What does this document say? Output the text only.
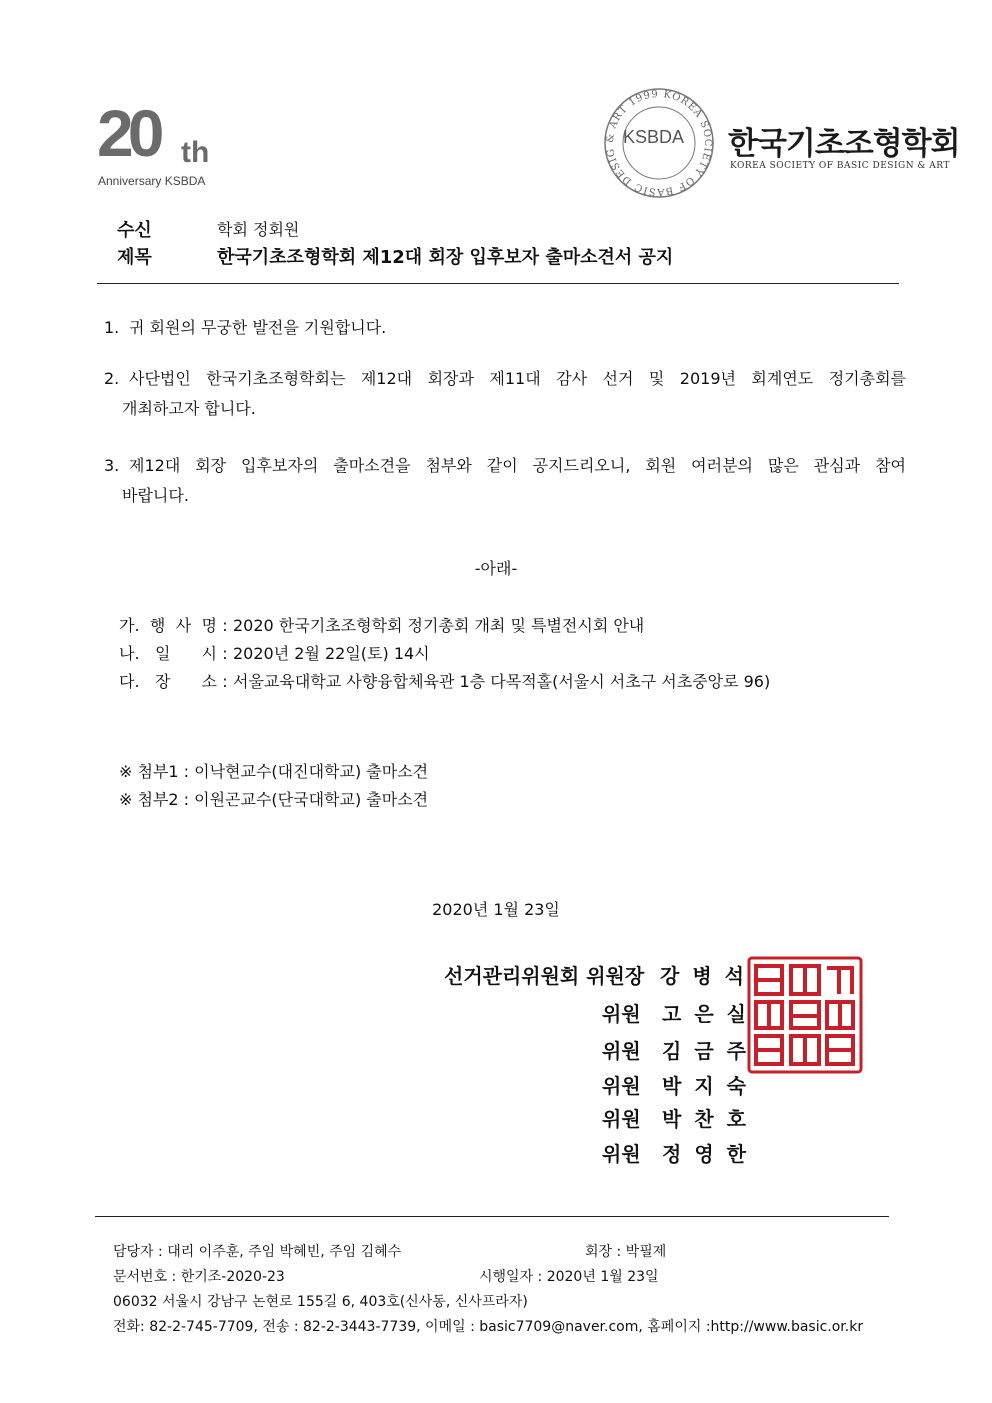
20 th
Anniversary KSBDA
& ART 1999 KOREA SOCIETY OF BASIC DESIG
KSBDA 한국기초조형학회
KOREA SOCIETY OF BASIC DESIGN & ART
수신	학회 정회원
제목	한국기초조형학회 제12대 회장 입후보자 출마소견서 공지
1. 귀 회원의 무궁한 발전을 기원합니다.
2. 사단법인 한국기초조형학회는 제12대 회장과 제11대 감사 선거 및 2019년 회계연도 정기총회를
개최하고자 합니다.
3. 제12대 회장 입후보자의 출마소견을 첨부와 같이 공지드리오니, 회원 여러분의 많은 관심과 참여
바랍니다.
-아래-
가. 행 사 명 : 2020 한국기초조형학회 정기총회 개최 및 특별전시회 안내
나. 일 시 : 2020년 2월 22일(토) 14시
다. 장 소 : 서울교육대학교 사향융합체육관 1층 다목적홀(서울시 서초구 서초중앙로 96)
※ 첨부1 : 이낙현교수(대진대학교) 출마소견
※ 첨부2 : 이원곤교수(단국대학교) 출마소견
2020년 1월 23일
선거관리위원회 위원장 강 병 석
위원	고 은 실
위원	김 금 주
위원	박 지 숙
위원	박 찬 호
위원	정 영 한
담당자 : 대리 이주훈, 주임 박혜빈, 주임 김혜수	회장 : 박필제
문서번호 : 한기조-2020-23	시행일자 : 2020년 1월 23일
06032 서울시 강남구 논현로 155길 6, 403호(신사동, 신사프라자)
전화: 82-2-745-7709, 전송 : 82-2-3443-7739, 이메일 : basic7709@naver.com, 홈페이지 :http://www.basic.or.kr
